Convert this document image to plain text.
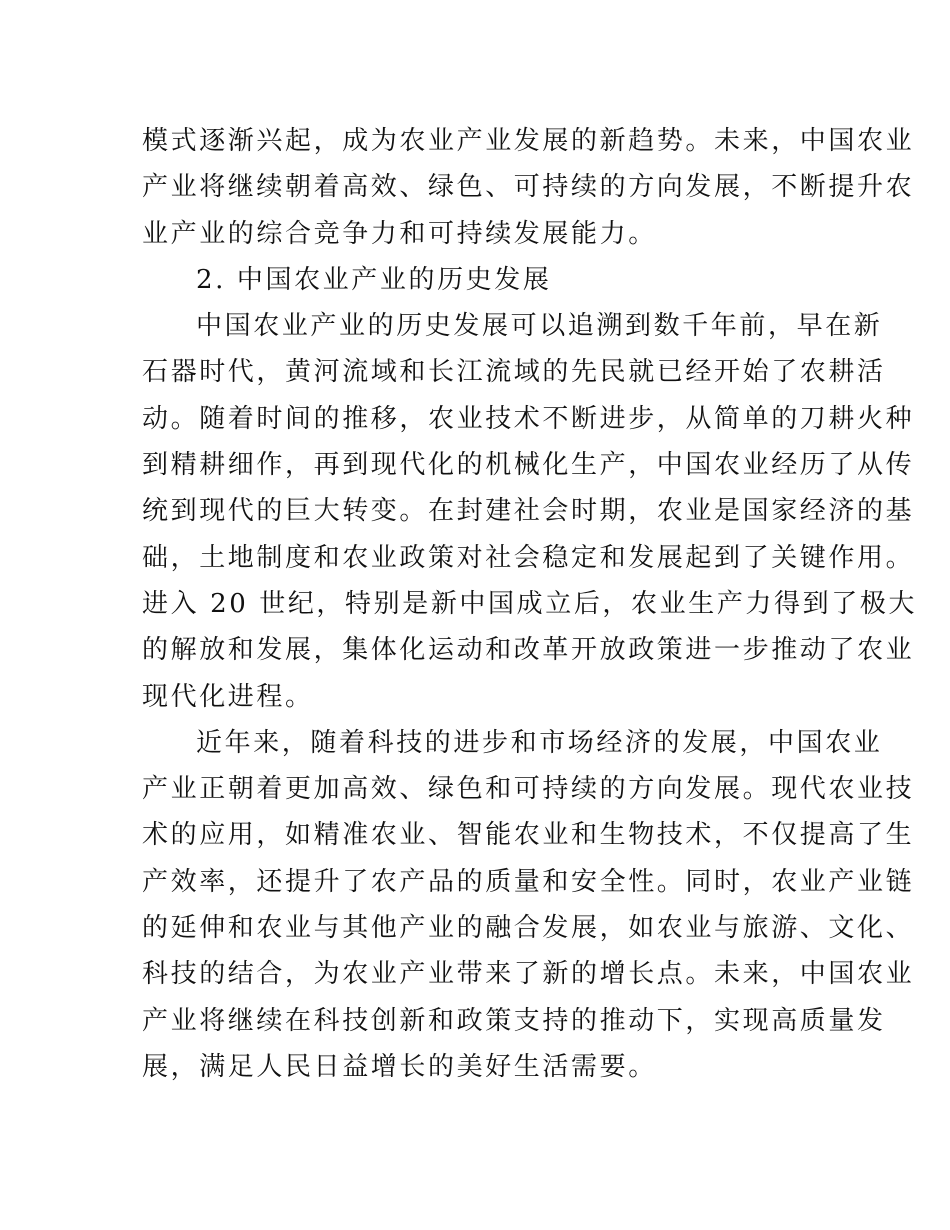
模式逐渐兴起，成为农业产业发展的新趋势。未来，中国农业
产业将继续朝着高效、绿色、可持续的方向发展，不断提升农
业产业的综合竞争力和可持续发展能力。
2. 中国农业产业的历史发展
中国农业产业的历史发展可以追溯到数千年前，早在新
石器时代，黄河流域和长江流域的先民就已经开始了农耕活
动。随着时间的推移，农业技术不断进步，从简单的刀耕火种
到精耕细作，再到现代化的机械化生产，中国农业经历了从传
统到现代的巨大转变。在封建社会时期，农业是国家经济的基
础，土地制度和农业政策对社会稳定和发展起到了关键作用。
进入 20 世纪，特别是新中国成立后，农业生产力得到了极大
的解放和发展，集体化运动和改革开放政策进一步推动了农业
现代化进程。
近年来，随着科技的进步和市场经济的发展，中国农业
产业正朝着更加高效、绿色和可持续的方向发展。现代农业技
术的应用，如精准农业、智能农业和生物技术，不仅提高了生
产效率，还提升了农产品的质量和安全性。同时，农业产业链
的延伸和农业与其他产业的融合发展，如农业与旅游、文化、
科技的结合，为农业产业带来了新的增长点。未来，中国农业
产业将继续在科技创新和政策支持的推动下，实现高质量发
展，满足人民日益增长的美好生活需要。
